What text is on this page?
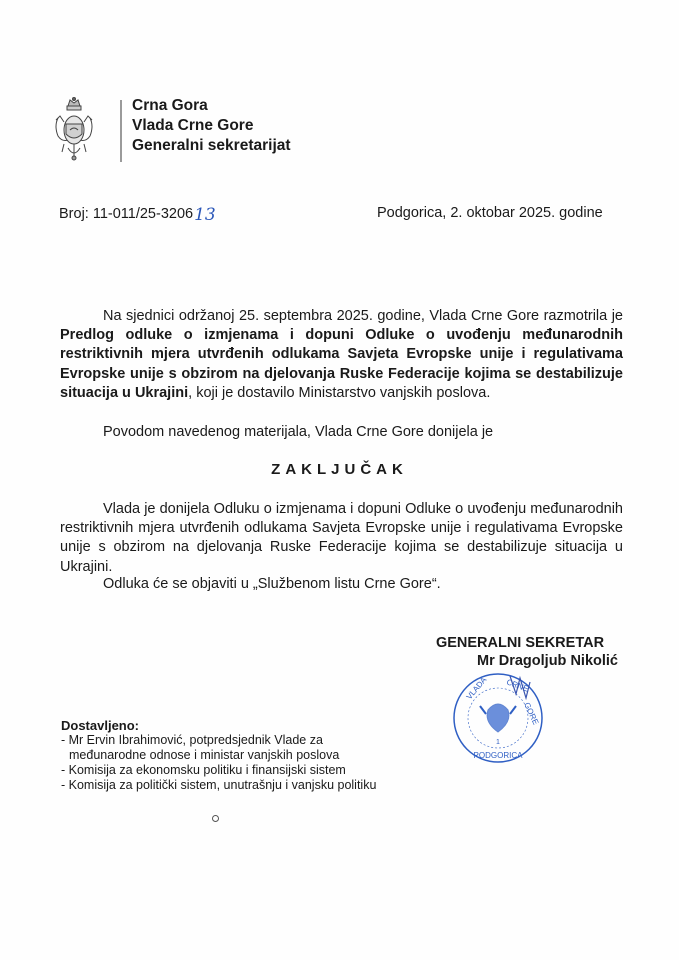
Crna Gora
Vlada Crne Gore
Generalni sekretarijat
Broj: 11-011/25-320613	Podgorica, 2. oktobar 2025. godine

Na sjednici održanoj 25. septembra 2025. godine, Vlada Crne Gore razmotrila je Predlog odluke o izmjenama i dopuni Odluke o uvođenju međunarodnih restriktivnih mjera utvrđenih odlukama Savjeta Evropske unije i regulativama Evropske unije s obzirom na djelovanja Ruske Federacije kojima se destabilizuje situacija u Ukrajini, koji je dostavilo Ministarstvo vanjskih poslova.

Povodom navedenog materijala, Vlada Crne Gore donijela je

ZAKLJUČAK

Vlada je donijela Odluku o izmjenama i dopuni Odluke o uvođenju međunarodnih restriktivnih mjera utvrđenih odlukama Savjeta Evropske unije i regulativama Evropske unije s obzirom na djelovanja Ruske Federacije kojima se destabilizuje situacija u Ukrajini.

Odluka će se objaviti u „Službenom listu Crne Gore“.

GENERALNI SEKRETAR
Mr Dragoljub Nikolić
1
PODGORICA
VLADA CRNE
GORE
Dostavljeno:
- Mr Ervin Ibrahimović, potpredsjednik Vlade za
međunarodne odnose i ministar vanjskih poslova
- Komisija za ekonomsku politiku i finansijski sistem
- Komisija za politički sistem, unutrašnju i vanjsku politiku
